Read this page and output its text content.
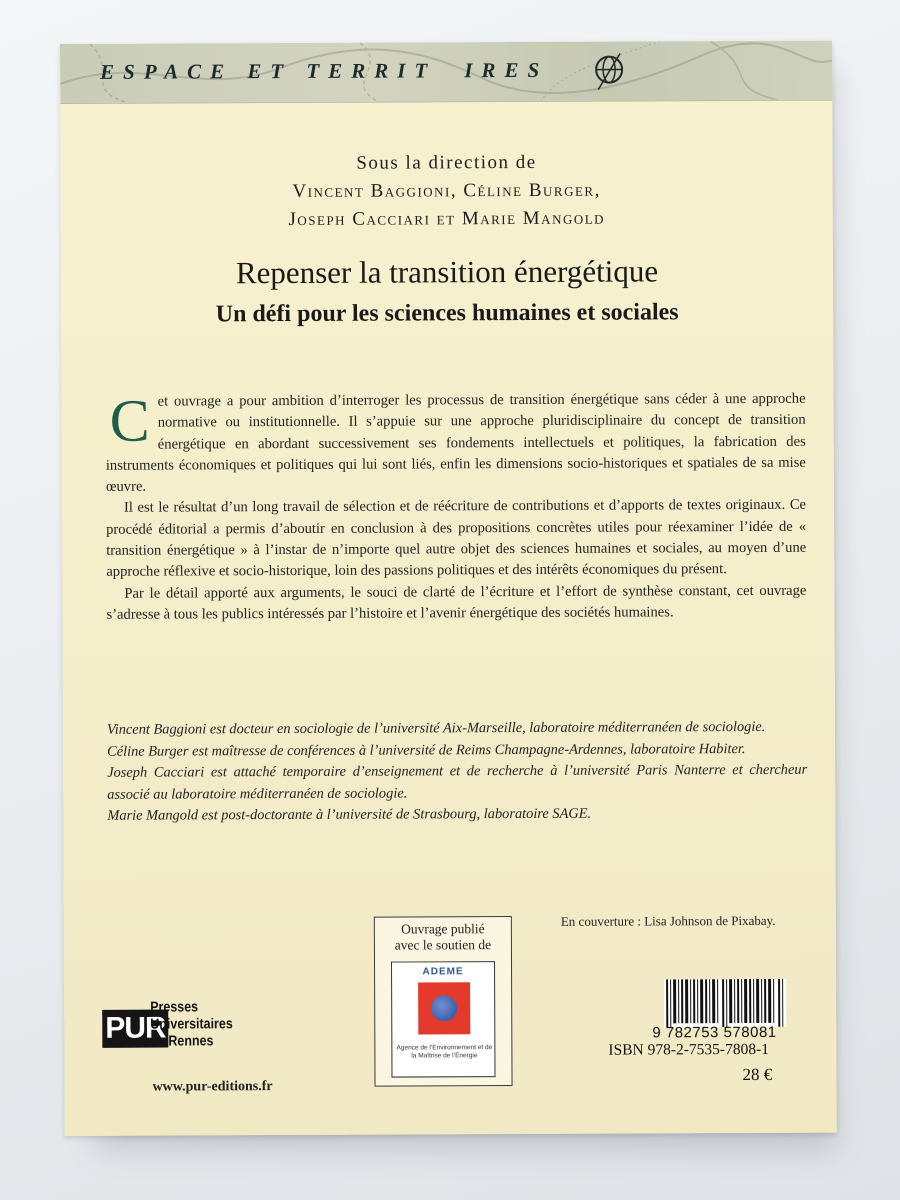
ESPACE ET TERRIT IRES
Sous la direction de
Vincent Baggioni, Céline Burger,
Joseph Cacciari et Marie Mangold
Repenser la transition énergétique
Un défi pour les sciences humaines et sociales

Cet ouvrage a pour ambition d’interroger les processus de transition énergétique sans céder à une approche normative ou institutionnelle. Il s’appuie sur une approche pluridisciplinaire du concept de transition énergétique en abordant successivement ses fondements intellectuels et politiques, la fabrication des instruments économiques et politiques qui lui sont liés, enfin les dimensions socio-historiques et spatiales de sa mise œuvre.

Il est le résultat d’un long travail de sélection et de réécriture de contributions et d’apports de textes originaux. Ce procédé éditorial a permis d’aboutir en conclusion à des propositions concrètes utiles pour réexaminer l’idée de « transition énergétique » à l’instar de n’importe quel autre objet des sciences humaines et sociales, au moyen d’une approche réflexive et socio-historique, loin des passions politiques et des intérêts économiques du présent.

Par le détail apporté aux arguments, le souci de clarté de l’écriture et l’effort de synthèse constant, cet ouvrage s’adresse à tous les publics intéressés par l’histoire et l’avenir énergétique des sociétés humaines.

Vincent Baggioni est docteur en sociologie de l’université Aix-Marseille, laboratoire méditerranéen de sociologie.

Céline Burger est maîtresse de conférences à l’université de Reims Champagne-Ardennes, laboratoire Habiter.

Joseph Cacciari est attaché temporaire d’enseignement et de recherche à l’université Paris Nanterre et chercheur associé au laboratoire méditerranéen de sociologie.

Marie Mangold est post-doctorante à l’université de Strasbourg, laboratoire SAGE.

Ouvrage publié
avec le soutien de
ADEME
Agence de l’Environnement et de la Maîtrise de l’Énergie
En couverture : Lisa Johnson de Pixabay.
9 782753 578081
ISBN 978-2-7535-7808-1
28 €
PUR
Presses
Universitaires
de Rennes
www.pur-editions.fr
